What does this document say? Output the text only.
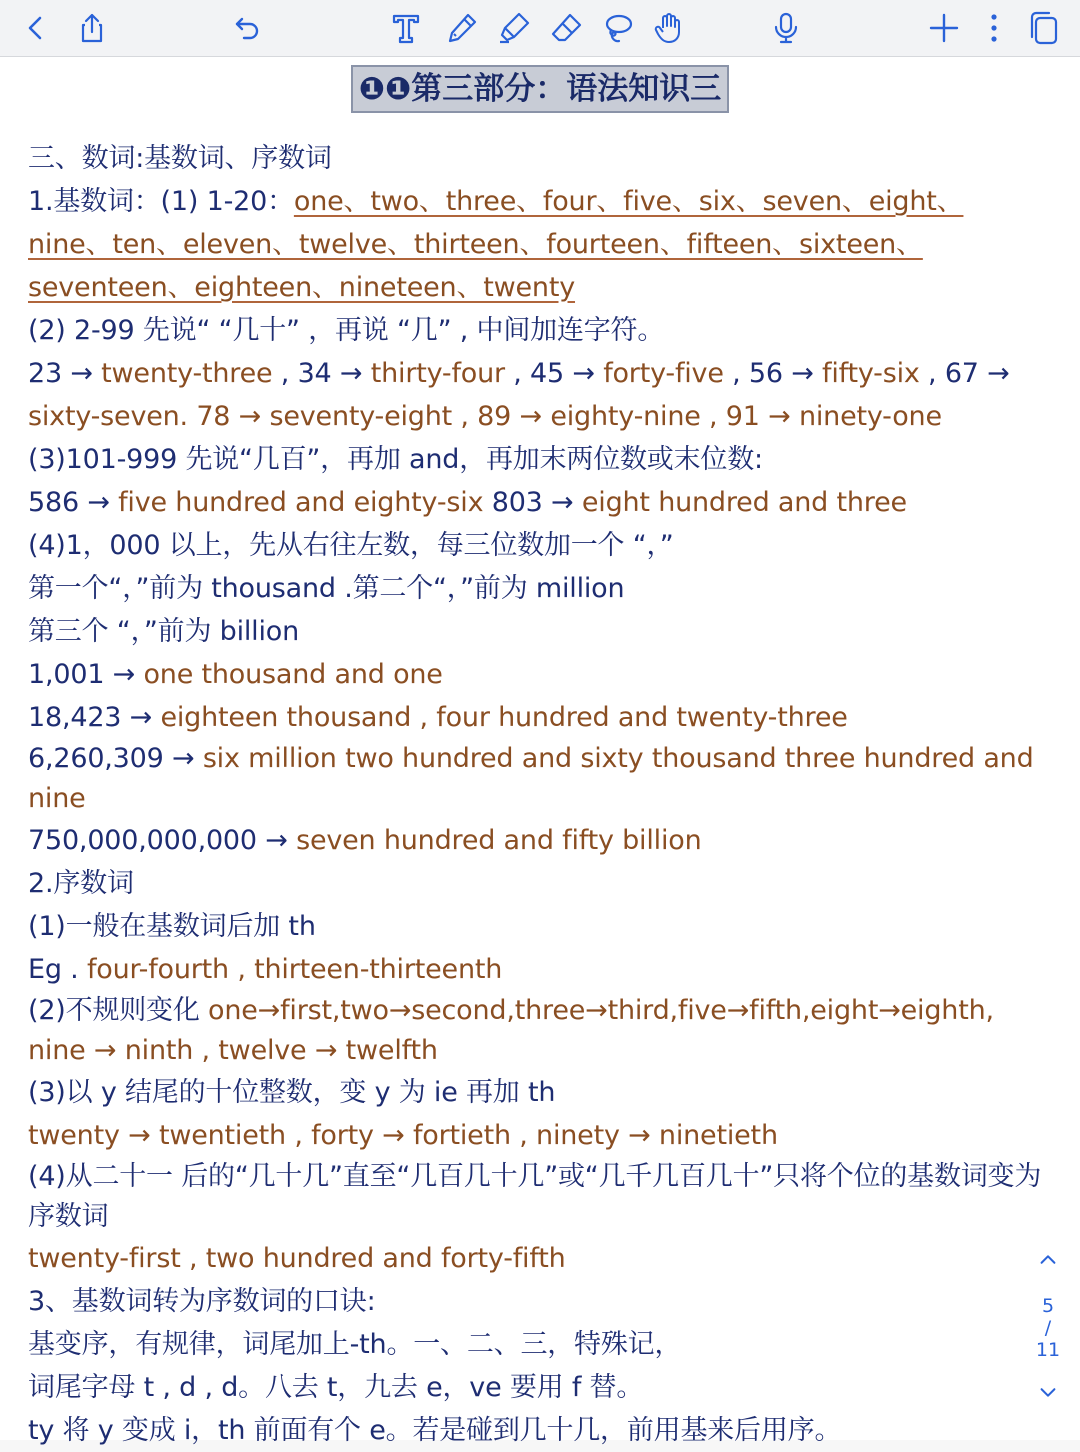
❶❶第三部分：语法知识三
三、数词:基数词、序数词
1.基数词：(1) 1-20：one、two、three、four、five、six、seven、eight、
nine、ten、eleven、twelve、thirteen、fourteen、fifteen、sixteen、
seventeen、eighteen、nineteen、twenty
(2) 2-99 先说“ “几十” ，再说 “几” , 中间加连字符。
23 → twenty-three , 34 → thirty-four , 45 → forty-five , 56 → fifty-six , 67 →
sixty-seven. 78 → seventy-eight , 89 → eighty-nine , 91 → ninety-one
(3)101-999 先说“几百”，再加 and，再加末两位数或末位数:
586 → five hundred and eighty-six 803 → eight hundred and three
(4)1，000 以上，先从右往左数，每三位数加一个 “，”
第一个“，”前为 thousand .第二个“，”前为 million
第三个 “，”前为 billion
1,001 → one thousand and one
18,423 → eighteen thousand , four hundred and twenty-three
6,260,309 → six million two hundred and sixty thousand three hundred and nine
750,000,000,000 → seven hundred and fifty billion
2.序数词
(1)一般在基数词后加 th
Eg . four-fourth , thirteen-thirteenth
(2)不规则变化 one→first,two→second,three→third,five→fifth,eight→eighth, nine → ninth , twelve → twelfth
(3)以 y 结尾的十位整数，变 y 为 ie 再加 th
twenty → twentieth , forty → fortieth , ninety → ninetieth
(4)从二十一 后的“几十几”直至“几百几十几”或“几千几百几十”只将个位的基数词变为序数词
twenty-first , two hundred and forty-fifth
3、基数词转为序数词的口诀:
基变序，有规律，词尾加上-th。一、二、三，特殊记，
词尾字母 t , d , d。八去 t，九去 e，ve 要用 f 替。
ty 将 y 变成 i，th 前面有个 e。若是碰到几十几，前用基来后用序。
5
/
11
